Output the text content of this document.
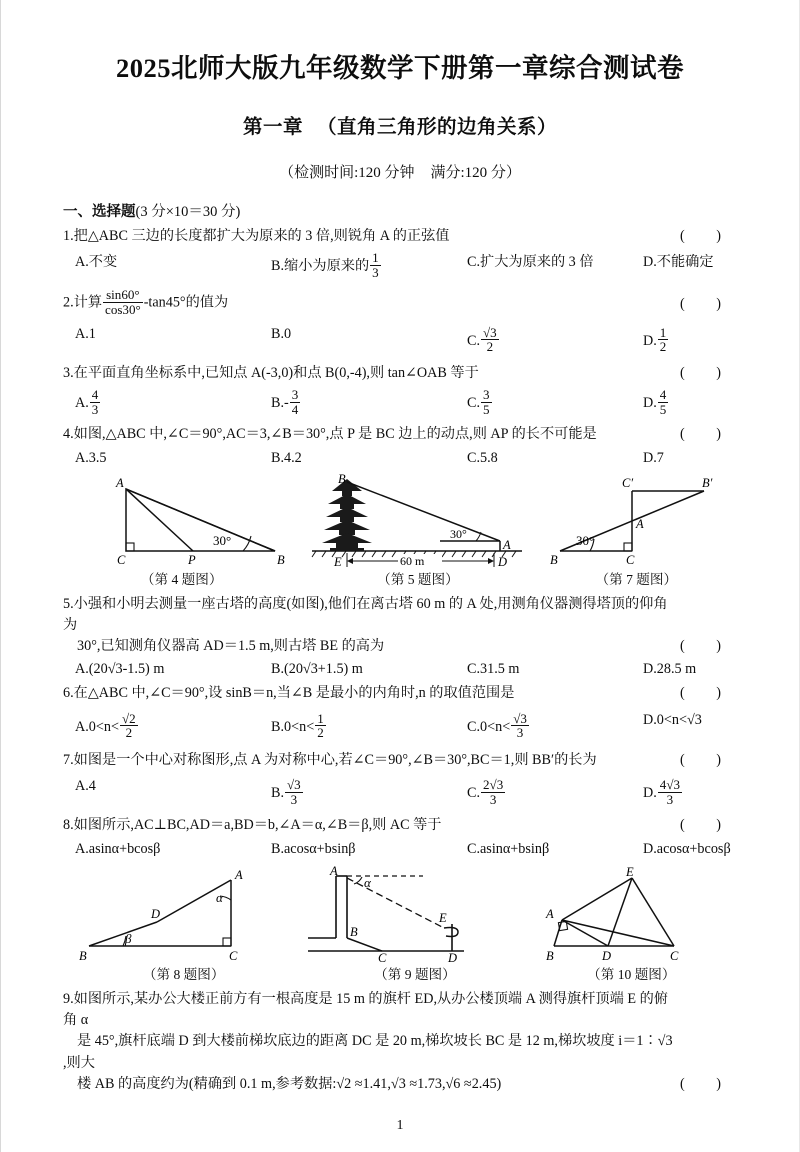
2025北师大版九年级数学下册第一章综合测试卷
第一章 （直角三角形的边角关系）
（检测时间:120 分钟 满分:120 分）
一、选择题(3 分×10＝30 分)
1.把△ABC 三边的长度都扩大为原来的 3 倍,则锐角 A 的正弦值	( )
A.不变	B.缩小为原来的 $\frac{1}{3}$	C.扩大为原来的 3 倍	D.不能确定
2.计算 $\frac{\sin 60^\circ}{\cos 30^\circ} -\tan 45^\circ$的值为	( )
A.1	B.0	C. $\frac{√3}{2}$	D. $\frac{1}{2}$
3.在平面直角坐标系中,已知点 A(-3,0)和点 B(0,-4),则 tan∠OAB 等于	( )
A. $\frac{4}{3}$	$B.- \frac{3}{4}$	C. $\frac{3}{5}$	D. $\frac{4}{5}$
4.如图,△ABC 中,∠C＝90°,AC＝3,∠B＝30°,点 P 是 BC 边上的动点,则 AP 的长不可能是	( )
A.3.5	B.4.2	C.5.8	D.7
A
C	P	B
30°
（第 4 题图）
B
A
D
E
30°
60 m
（第 5 题图）
B	C
A
C′	B′
30°
（第 7 题图）
5.小强和小明去测量一座古塔的高度(如图),他们在离古塔 60 m 的 A 处,用测角仪器测得塔顶的仰角为
30°,已知测角仪器高 AD＝1.5 m,则古塔 BE 的高为	( )
A.(20√3-1.5) m	B.(20√3+1.5) m	C.31.5 m	D.28.5 m
6.在△ABC 中,∠C＝90°,设 sinB＝n,当∠B 是最小的内角时,n 的取值范围是	( )
$A.0<n< \frac{√2}{2}$	$B.0<n< \frac{1}{2}$	$C.0<n< \frac{√3}{3}$	D.0<n<√3
7.如图是一个中心对称图形,点 A 为对称中心,若∠C＝90°,∠B＝30°,BC＝1,则 BB′的长为	( )
A.4	B. $\frac{√3}{3}$	C. $\frac{2√3}{3}$	D. $\frac{4√3}{3}$
8.如图所示,AC⊥BC,AD＝a,BD＝b,∠A＝α,∠B＝β,则 AC 等于	( )
A.asinα+bcosβ	B.acosα+bsinβ	C.asinα+bsinβ	D.acosα+bcosβ
A
B	C
D
α
β
（第 8 题图）
A
B
C	D
E
α
（第 9 题图）
E
A
B	D	C
（第 10 题图）
9.如图所示,某办公大楼正前方有一根高度是 15 m 的旗杆 ED,从办公楼顶端 A 测得旗杆顶端 E 的俯角 α
是 45°,旗杆底端 D 到大楼前梯坎底边的距离 DC 是 20 m,梯坎坡长 BC 是 12 m,梯坎坡度 i＝1∶√3 ,则大
楼 AB 的高度约为(精确到 0.1 m,参考数据:√2 ≈1.41,√3 ≈1.73,√6 ≈2.45)	( )
1
